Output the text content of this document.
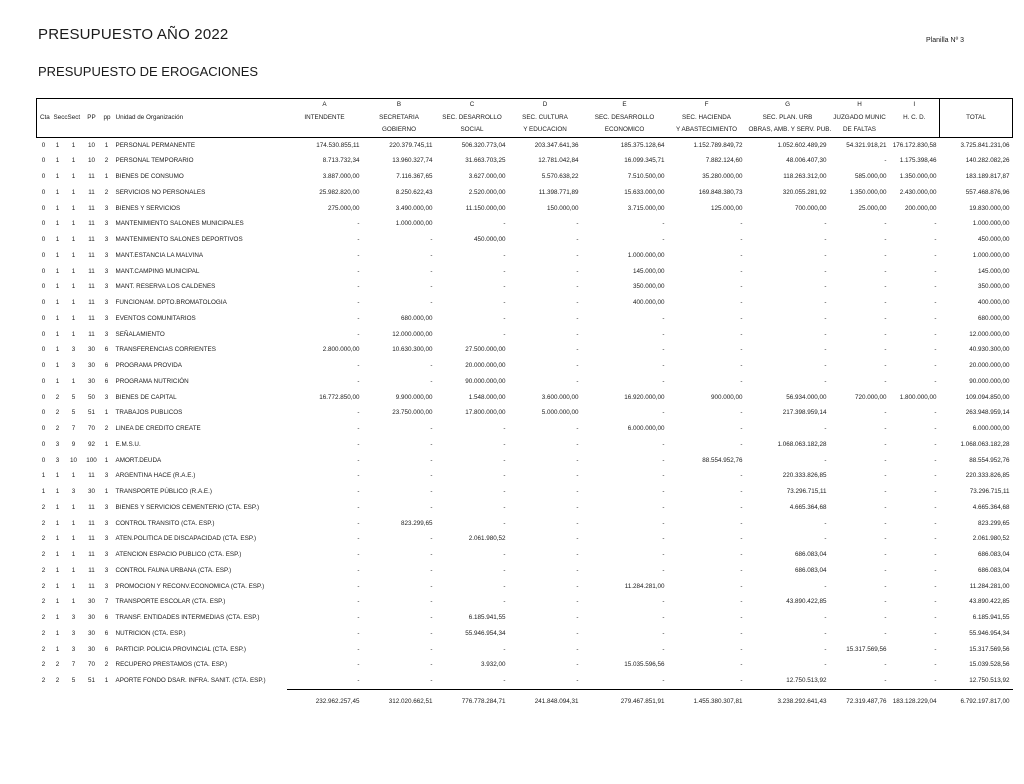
PRESUPUESTO AÑO 2022
PRESUPUESTO DE EROGACIONES
Planilla Nº 3
						A	B	C	D	E	F	G	H	I	
Cta	Secc	Sect	PP	pp	Unidad de Organización	INTENDENTE	SECRETARIA	SEC. DESARROLLO	SEC. CULTURA	SEC. DESARROLLO	SEC. HACIENDA	SEC. PLAN. URB	JUZGADO MUNIC	H. C. D.	TOTAL
							GOBIERNO	SOCIAL	Y EDUCACION	ECONOMICO	Y ABASTECIMIENTO	OBRAS, AMB. Y SERV. PUB.	DE FALTAS		
0	1	1	10	1	PERSONAL PERMANENTE	174.530.855,11	220.379.745,11	506.320.773,04	203.347.641,36	185.375.128,64	1.152.789.849,72	1.052.602.489,29	54.321.918,21	176.172.830,58	3.725.841.231,06
0	1	1	10	2	PERSONAL TEMPORARIO	8.713.732,34	13.960.327,74	31.663.703,25	12.781.042,84	16.099.345,71	7.882.124,60	48.006.407,30	-	1.175.398,46	140.282.082,26
0	1	1	11	1	BIENES DE CONSUMO	3.887.000,00	7.116.367,65	3.627.000,00	5.570.638,22	7.510.500,00	35.280.000,00	118.263.312,00	585.000,00	1.350.000,00	183.189.817,87
0	1	1	11	2	SERVICIOS NO PERSONALES	25.982.820,00	8.250.622,43	2.520.000,00	11.398.771,89	15.633.000,00	169.848.380,73	320.055.281,92	1.350.000,00	2.430.000,00	557.468.876,96
0	1	1	11	3	BIENES Y SERVICIOS	275.000,00	3.490.000,00	11.150.000,00	150.000,00	3.715.000,00	125.000,00	700.000,00	25.000,00	200.000,00	19.830.000,00
0	1	1	11	3	MANTENIMIENTO SALONES MUNICIPALES	-	1.000.000,00	-	-	-	-	-	-	-	1.000.000,00
0	1	1	11	3	MANTENIMIENTO SALONES DEPORTIVOS	-	-	450.000,00	-	-	-	-	-	-	450.000,00
0	1	1	11	3	MANT.ESTANCIA LA MALVINA	-	-	-	-	1.000.000,00	-	-	-	-	1.000.000,00
0	1	1	11	3	MANT.CAMPING MUNICIPAL	-	-	-	-	145.000,00	-	-	-	-	145.000,00
0	1	1	11	3	MANT. RESERVA LOS CALDENES	-	-	-	-	350.000,00	-	-	-	-	350.000,00
0	1	1	11	3	FUNCIONAM. DPTO.BROMATOLOGIA	-	-	-	-	400.000,00	-	-	-	-	400.000,00
0	1	1	11	3	EVENTOS COMUNITARIOS	-	680.000,00	-	-	-	-	-	-	-	680.000,00
0	1	1	11	3	SEÑALAMIENTO	-	12.000.000,00	-	-	-	-	-	-	-	12.000.000,00
0	1	3	30	6	TRANSFERENCIAS CORRIENTES	2.800.000,00	10.630.300,00	27.500.000,00	-	-	-	-	-	-	40.930.300,00
0	1	3	30	6	PROGRAMA PROVIDA	-	-	20.000.000,00	-	-	-	-	-	-	20.000.000,00
0	1	1	30	6	PROGRAMA NUTRICIÓN	-	-	90.000.000,00	-	-	-	-	-	-	90.000.000,00
0	2	5	50	3	BIENES DE CAPITAL	16.772.850,00	9.900.000,00	1.548.000,00	3.600.000,00	16.920.000,00	900.000,00	56.934.000,00	720.000,00	1.800.000,00	109.094.850,00
0	2	5	51	1	TRABAJOS PUBLICOS	-	23.750.000,00	17.800.000,00	5.000.000,00	-	-	217.398.959,14	-	-	263.948.959,14
0	2	7	70	2	LINEA DE CREDITO CREATE	-	-	-	-	6.000.000,00	-	-	-	-	6.000.000,00
0	3	9	92	1	E.M.S.U.	-	-	-	-	-	-	1.068.063.182,28	-	-	1.068.063.182,28
0	3	10	100	1	AMORT.DEUDA	-	-	-	-	-	88.554.952,76	-	-	-	88.554.952,76
1	1	1	11	3	ARGENTINA HACE (R.A.E.)	-	-	-	-	-	-	220.333.826,85	-	-	220.333.826,85
1	1	3	30	1	TRANSPORTE PÚBLICO (R.A.E.)	-	-	-	-	-	-	73.296.715,11	-	-	73.296.715,11
2	1	1	11	3	BIENES Y SERVICIOS CEMENTERIO (CTA. ESP.)	-	-	-	-	-	-	4.665.364,68	-	-	4.665.364,68
2	1	1	11	3	CONTROL TRANSITO (CTA. ESP.)	-	823.299,65	-	-	-	-	-	-	-	823.299,65
2	1	1	11	3	ATEN.POLITICA DE DISCAPACIDAD (CTA. ESP.)	-	-	2.061.980,52	-	-	-	-	-	-	2.061.980,52
2	1	1	11	3	ATENCION ESPACIO PUBLICO (CTA. ESP.)	-	-	-	-	-	-	686.083,04	-	-	686.083,04
2	1	1	11	3	CONTROL FAUNA URBANA (CTA. ESP.)	-	-	-	-	-	-	686.083,04	-	-	686.083,04
2	1	1	11	3	PROMOCION Y RECONV.ECONOMICA (CTA. ESP.)	-	-	-	-	11.284.281,00	-	-	-	-	11.284.281,00
2	1	1	30	7	TRANSPORTE ESCOLAR (CTA. ESP.)	-	-	-	-	-	-	43.890.422,85	-	-	43.890.422,85
2	1	3	30	6	TRANSF. ENTIDADES INTERMEDIAS (CTA. ESP.)	-	-	6.185.941,55	-	-	-	-	-	-	6.185.941,55
2	1	3	30	6	NUTRICION (CTA. ESP.)	-	-	55.946.954,34	-	-	-	-	-	-	55.946.954,34
2	1	3	30	6	PARTICIP. POLICIA PROVINCIAL (CTA. ESP.)	-	-	-	-	-	-	-	15.317.569,56	-	15.317.569,56
2	2	7	70	2	RECUPERO PRESTAMOS (CTA. ESP.)	-	-	3.932,00	-	15.035.596,56	-	-	-	-	15.039.528,56
2	2	5	51	1	APORTE FONDO DSAR. INFRA. SANIT. (CTA. ESP.)	-	-	-	-	-	-	12.750.513,92	-	-	12.750.513,92
						232.962.257,45	312.020.662,51	776.778.284,71	241.848.094,31	279.467.851,91	1.455.380.307,81	3.238.292.641,43	72.319.487,76	183.128.229,04	6.792.197.817,00
